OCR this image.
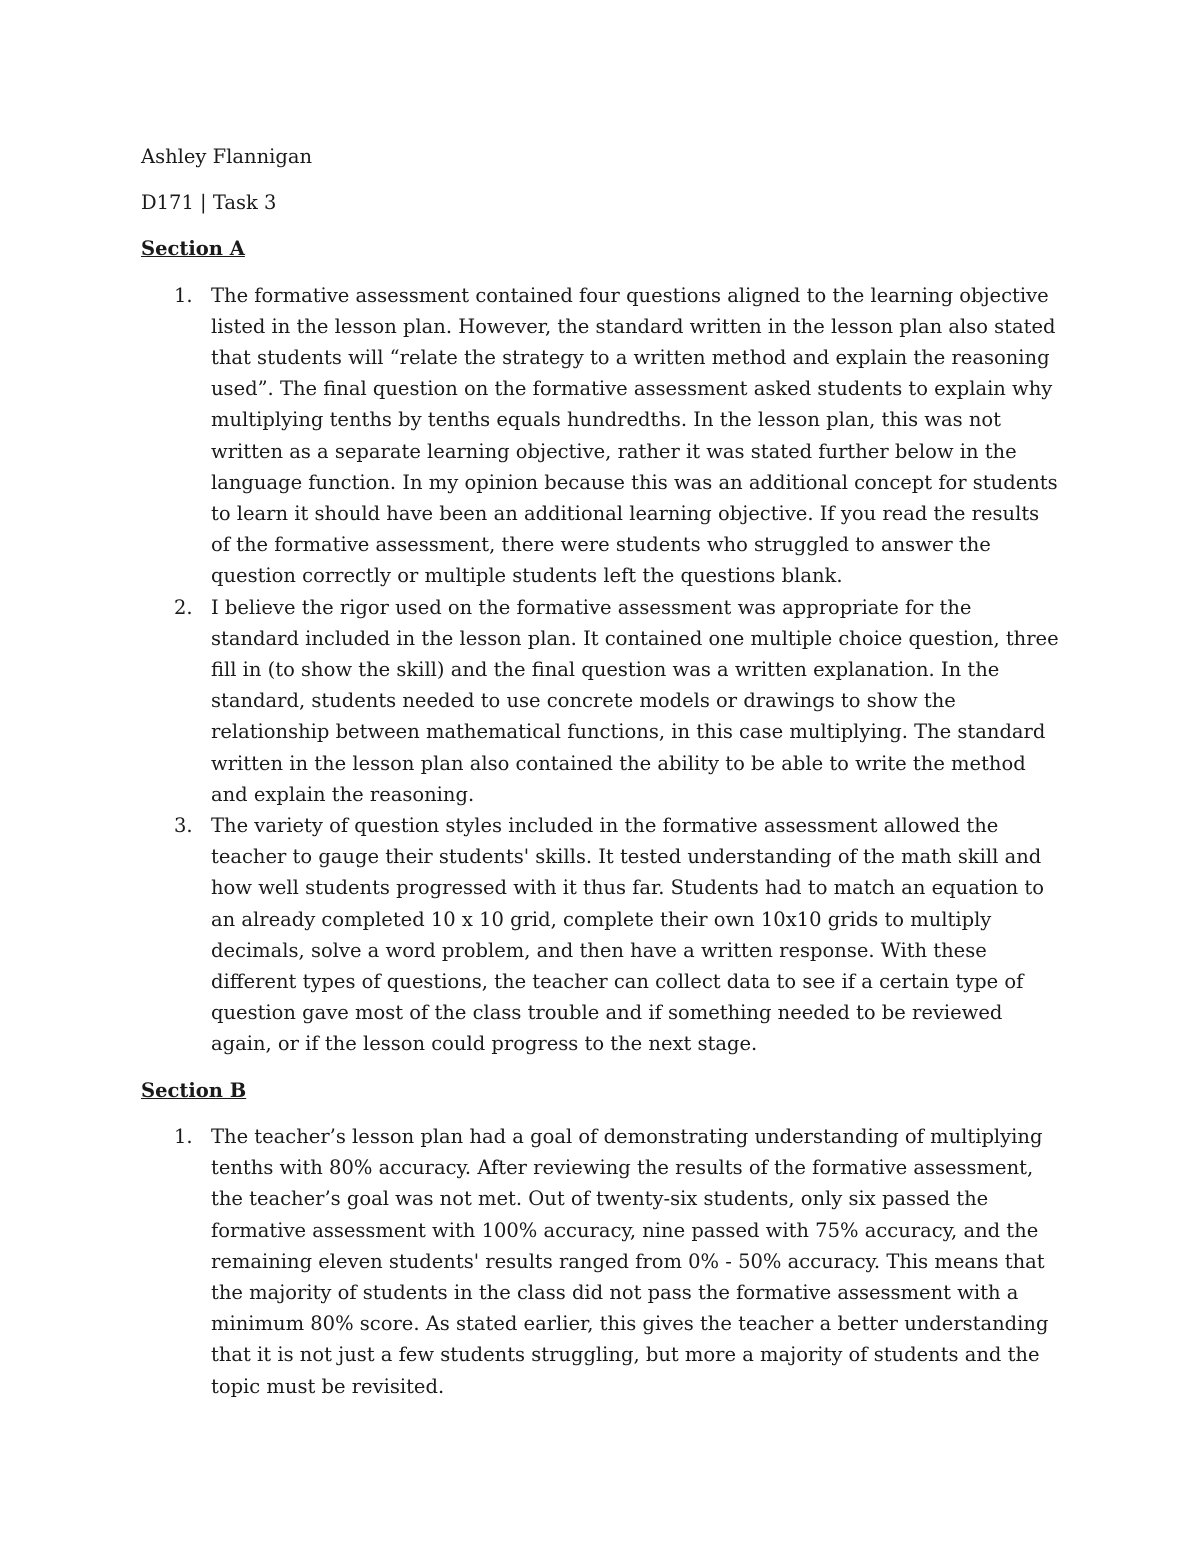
Ashley Flannigan

D171 | Task 3

Section A

1. The formative assessment contained four questions aligned to the learning objective listed in the lesson plan. However, the standard written in the lesson plan also stated that students will “relate the strategy to a written method and explain the reasoning used”. The final question on the formative assessment asked students to explain why multiplying tenths by tenths equals hundredths. In the lesson plan, this was not written as a separate learning objective, rather it was stated further below in the language function. In my opinion because this was an additional concept for students to learn it should have been an additional learning objective. If you read the results of the formative assessment, there were students who struggled to answer the question correctly or multiple students left the questions blank.
2. I believe the rigor used on the formative assessment was appropriate for the standard included in the lesson plan. It contained one multiple choice question, three fill in (to show the skill) and the final question was a written explanation. In the standard, students needed to use concrete models or drawings to show the relationship between mathematical functions, in this case multiplying. The standard written in the lesson plan also contained the ability to be able to write the method and explain the reasoning.
3. The variety of question styles included in the formative assessment allowed the teacher to gauge their students' skills. It tested understanding of the math skill and how well students progressed with it thus far. Students had to match an equation to an already completed 10 x 10 grid, complete their own 10x10 grids to multiply decimals, solve a word problem, and then have a written response. With these different types of questions, the teacher can collect data to see if a certain type of question gave most of the class trouble and if something needed to be reviewed again, or if the lesson could progress to the next stage.

Section B

1. The teacher’s lesson plan had a goal of demonstrating understanding of multiplying tenths with 80% accuracy. After reviewing the results of the formative assessment, the teacher’s goal was not met. Out of twenty-six students, only six passed the formative assessment with 100% accuracy, nine passed with 75% accuracy, and the remaining eleven students' results ranged from 0% - 50% accuracy. This means that the majority of students in the class did not pass the formative assessment with a minimum 80% score. As stated earlier, this gives the teacher a better understanding that it is not just a few students struggling, but more a majority of students and the topic must be revisited.
